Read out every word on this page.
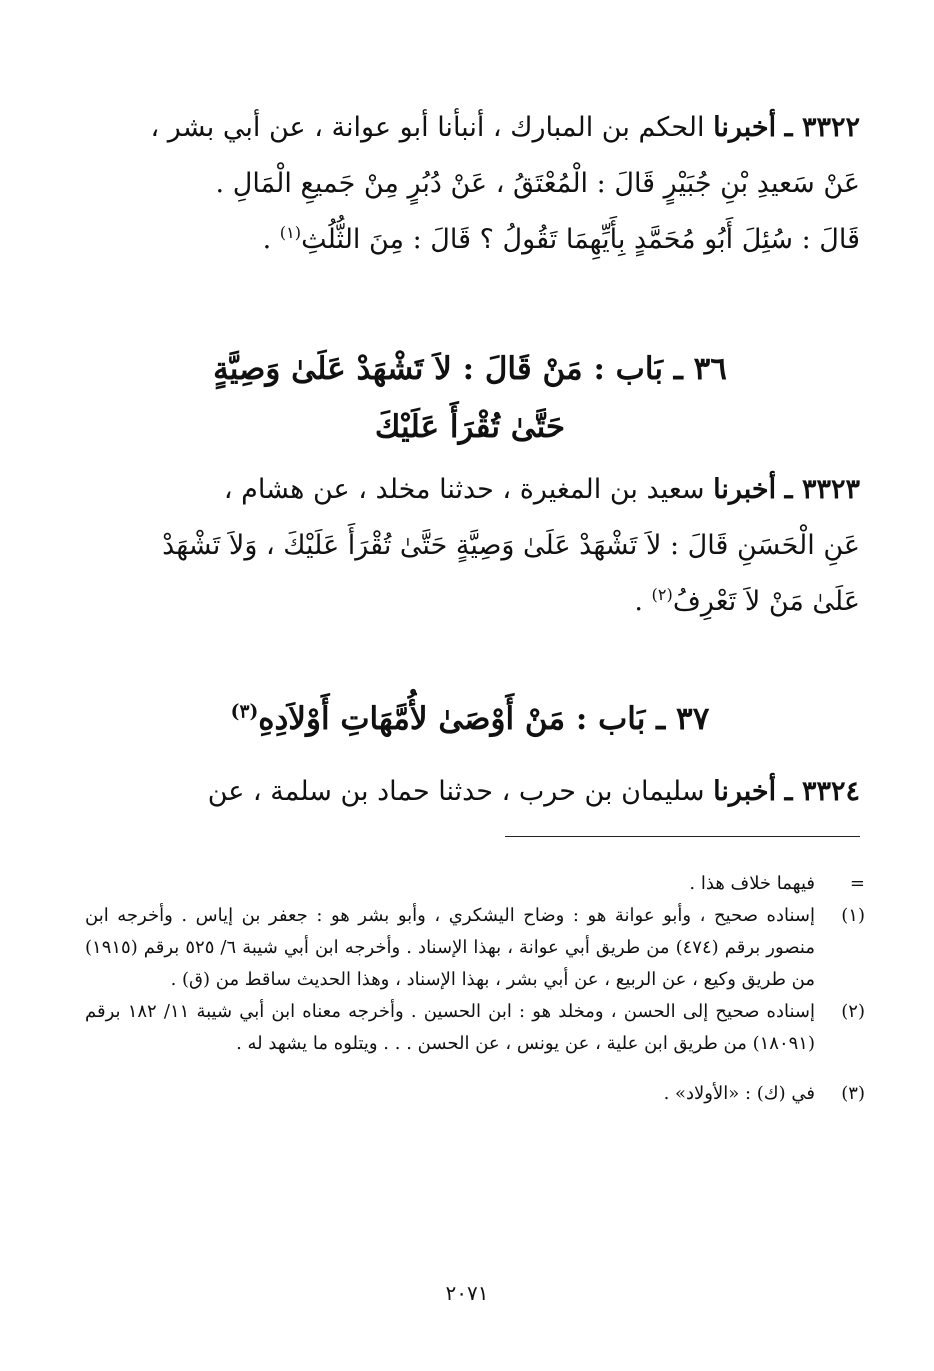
٣٣٢٢ ـ أخبرنا الحكم بن المبارك ، أنبأنا أبو عوانة ، عن أبي بشر ،
عَنْ سَعيدِ بْنِ جُبَيْرٍ قَالَ : الْمُعْتَقُ ، عَنْ دُبُرٍ مِنْ جَميعِ الْمَالِ .
قَالَ : سُئِلَ أَبُو مُحَمَّدٍ بِأَيِّهِمَا تَقُولُ ؟ قَالَ : مِنَ الثُّلُثِ$^{(١)}$ .
٣٦ ـ بَاب : مَنْ قَالَ : لاَ تَشْهَدْ عَلَىٰ وَصِيَّةٍ
حَتَّىٰ تُقْرَأَ عَلَيْكَ
٣٣٢٣ ـ أخبرنا سعيد بن المغيرة ، حدثنا مخلد ، عن هشام ،
عَنِ الْحَسَنِ قَالَ : لاَ تَشْهَدْ عَلَىٰ وَصِيَّةٍ حَتَّىٰ تُقْرَأَ عَلَيْكَ ، وَلاَ تَشْهَدْ
عَلَىٰ مَنْ لاَ تَعْرِفُ$^{(٢)}$ .
٣٧ ـ بَاب : مَنْ أَوْصَىٰ لأُمَّهَاتِ أَوْلاَدِهِ$^{(٣)}$
٣٣٢٤ ـ أخبرنا سليمان بن حرب ، حدثنا حماد بن سلمة ، عن
=
فيهما خلاف هذا .
(١)
إسناده صحيح ، وأبو عوانة هو : وضاح اليشكري ، وأبو بشر هو : جعفر بن إياس . وأخرجه ابن منصور برقم (٤٧٤) من طريق أبي عوانة ، بهذا الإسناد . وأخرجه ابن أبي شيبة ٦/ ٥٢٥ برقم (١٩١٥) من طريق وكيع ، عن الربيع ، عن أبي بشر ، بهذا الإسناد ، وهذا الحديث ساقط من (ق) .
(٢)
إسناده صحيح إلى الحسن ، ومخلد هو : ابن الحسين . وأخرجه معناه ابن أبي شيبة ١١/ ١٨٢ برقم (١٨٠٩١) من طريق ابن علية ، عن يونس ، عن الحسن . . . ويتلوه ما يشهد له .
(٣)
في (ك) : «الأولاد» .
٢٠٧١
